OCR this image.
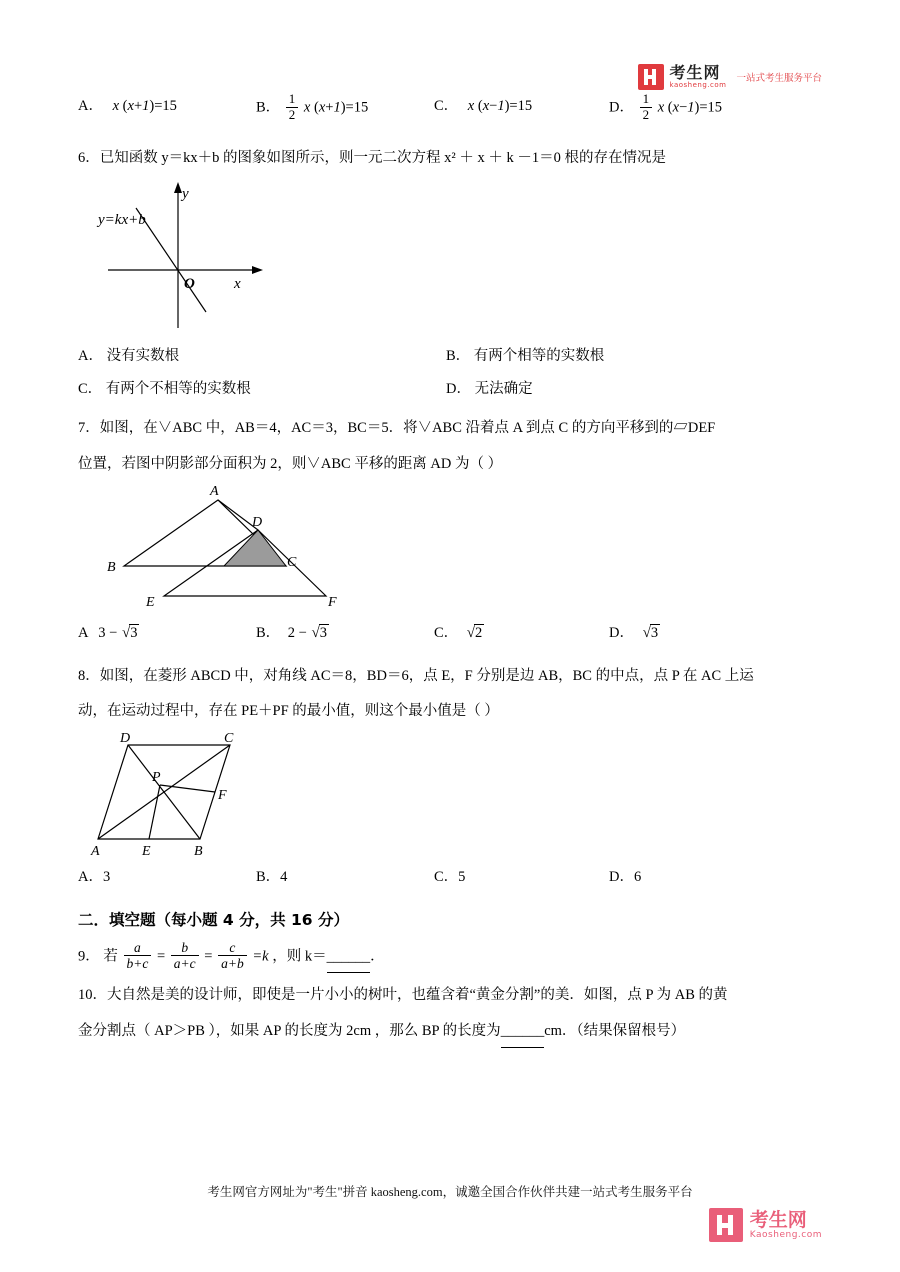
考生网
kaosheng.com
一站式考生服务平台
A． x (x+1)=15	B． $\frac{1}{2}$ x (x+1)=15	C． x (x−1)=15	D． $\frac{1}{2}$ x (x−1)=15
6．已知函数 y＝kx＋b 的图象如图所示，则一元二次方程 x² ＋ x ＋ k －1＝0 根的存在情况是
y=kx+b
O	x
y
A． 没有实数根	B． 有两个相等的实数根
C． 有两个不相等的实数根	D． 无法确定
7．如图，在∨ABC 中，AB＝4，AC＝3，BC＝5．将∨ABC 沿着点 A 到点 C 的方向平移到的▱DEF
位置，若图中阴影部分面积为 2，则∨ABC 平移的距离 AD 为（ ）
A
B	C
D
E	F
A 3 − √3	B． 2 − √3	C． √2	D． √3
8．如图，在菱形 ABCD 中，对角线 AC＝8，BD＝6，点 E，F 分别是边 AB，BC 的中点，点 P 在 AC 上运
动，在运动过程中，存在 PE＋PF 的最小值，则这个最小值是（ ）
D	C
A	B
E
F
P
A．3	B．4	C．5	D．6
二．填空题（每小题 4 分，共 16 分）
9． 若 $\frac{a}{b+c} = \frac{b}{a+c} = \frac{c}{a+b} =k$ ，则 k＝______．
10．大自然是美的设计师，即使是一片小小的树叶，也蕴含着“黄金分割”的美．如图，点 P 为 AB 的黄
金分割点（ AP＞PB ），如果 AP 的长度为 2cm ，那么 BP 的长度为______cm．（结果保留根号）
考生网官方网址为"考生"拼音 kaosheng.com，诚邀全国合作伙伴共建一站式考生服务平台
考生网
Kaosheng.com
